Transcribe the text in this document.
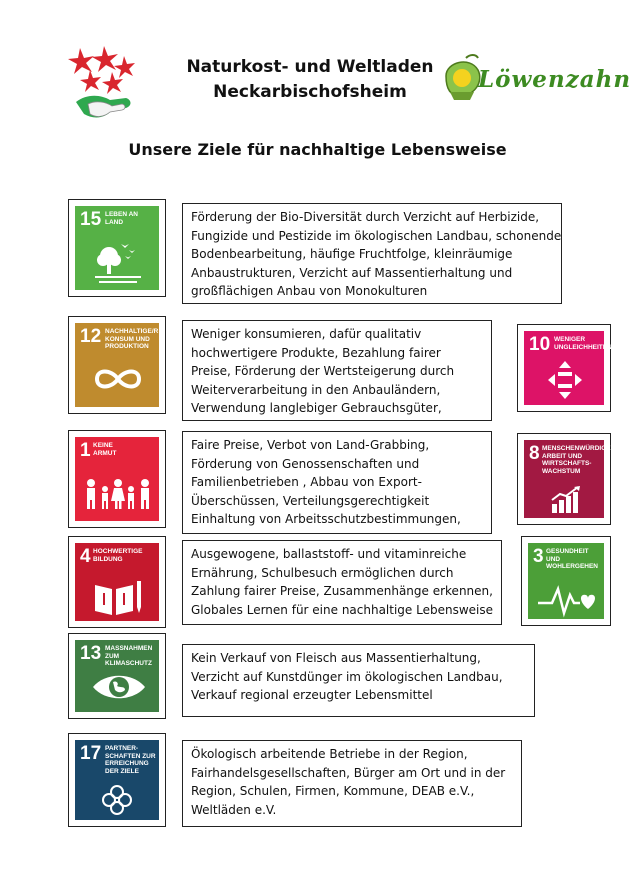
Naturkost- und Weltladen
Neckarbischofsheim	Löwenzahn
Unsere Ziele für nachhaltige Lebensweise
15 LEBEN AN LAND	Förderung der Bio-Diversität durch Verzicht auf Herbizide,
Fungizide und Pestizide im ökologischen Landbau, schonende
Bodenbearbeitung, häufige Fruchtfolge, kleinräumige
Anbaustrukturen, Verzicht auf Massentierhaltung und
großflächigen Anbau von Monokulturen
12 NACHHALTIGE/R KONSUM UND PRODUKTION
Weniger konsumieren, dafür qualitativ
hochwertigere Produkte, Bezahlung fairer
Preise, Förderung der Wertsteigerung durch
Weiterverarbeitung in den Anbauländern,
Verwendung langlebiger Gebrauchsgüter,
10 WENIGER UNGLEICHHEITEN
1 KEINE ARMUT
Faire Preise, Verbot von Land-Grabbing,
Förderung von Genossenschaften und
Familienbetrieben , Abbau von Export-
Überschüssen, Verteilungsgerechtigkeit
Einhaltung von Arbeitsschutzbestimmungen,
8 MENSCHENWÜRDIGE ARBEIT UND WIRTSCHAFTS-WACHSTUM
4 HOCHWERTIGE BILDUNG	Ausgewogene, ballaststoff- und vitaminreiche
Ernährung, Schulbesuch ermöglichen durch
Zahlung fairer Preise, Zusammenhänge erkennen,
Globales Lernen für eine nachhaltige Lebensweise
3 GESUNDHEIT UND WOHLERGEHEN
13 MASSNAHMEN ZUM KLIMASCHUTZ	Kein Verkauf von Fleisch aus Massentierhaltung,
Verzicht auf Kunstdünger im ökologischen Landbau,
Verkauf regional erzeugter Lebensmittel
17 PARTNER-SCHAFTEN ZUR ERREICHUNG DER ZIELE
Ökologisch arbeitende Betriebe in der Region,
Fairhandelsgesellschaften, Bürger am Ort und in der
Region, Schulen, Firmen, Kommune, DEAB e.V.,
Weltläden e.V.
